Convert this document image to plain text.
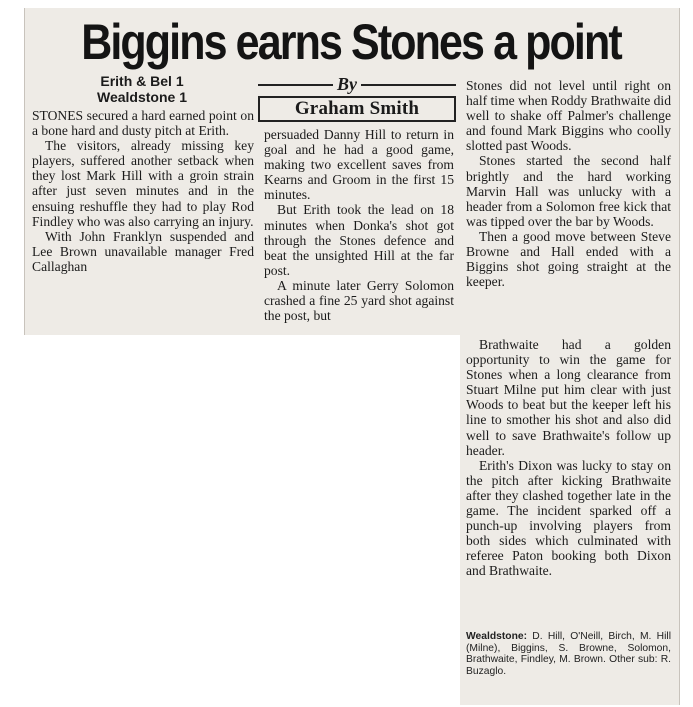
Biggins earns Stones a point
Erith & Bel 1
Wealdstone 1
By
Graham Smith

STONES secured a hard earned point on a bone hard and dusty pitch at Erith.

The visitors, already missing key players, suffered another setback when they lost Mark Hill with a groin strain after just seven minutes and in the ensuing reshuffle they had to play Rod Findley who was also carrying an injury.

With John Franklyn suspended and Lee Brown unavailable manager Fred Callaghan

persuaded Danny Hill to return in goal and he had a good game, making two excellent saves from Kearns and Groom in the first 15 minutes.

But Erith took the lead on 18 minutes when Donka's shot got through the Stones defence and beat the unsighted Hill at the far post.

A minute later Gerry Solomon crashed a fine 25 yard shot against the post, but

Stones did not level until right on half time when Roddy Brathwaite did well to shake off Palmer's challenge and found Mark Biggins who coolly slotted past Woods.

Stones started the second half brightly and the hard working Marvin Hall was unlucky with a header from a Solomon free kick that was tipped over the bar by Woods.

Then a good move between Steve Browne and Hall ended with a Biggins shot going straight at the keeper.

Brathwaite had a golden opportunity to win the game for Stones when a long clearance from Stuart Milne put him clear with just Woods to beat but the keeper left his line to smother his shot and also did well to save Brathwaite's follow up header.

Erith's Dixon was lucky to stay on the pitch after kicking Brathwaite after they clashed together late in the game. The incident sparked off a punch-up involving players from both sides which culminated with referee Paton booking both Dixon and Brathwaite.

Wealdstone: D. Hill, O'Neill, Birch, M. Hill (Milne), Biggins, S. Browne, Solomon, Brathwaite, Findley, M. Brown. Other sub: R. Buzaglo.
